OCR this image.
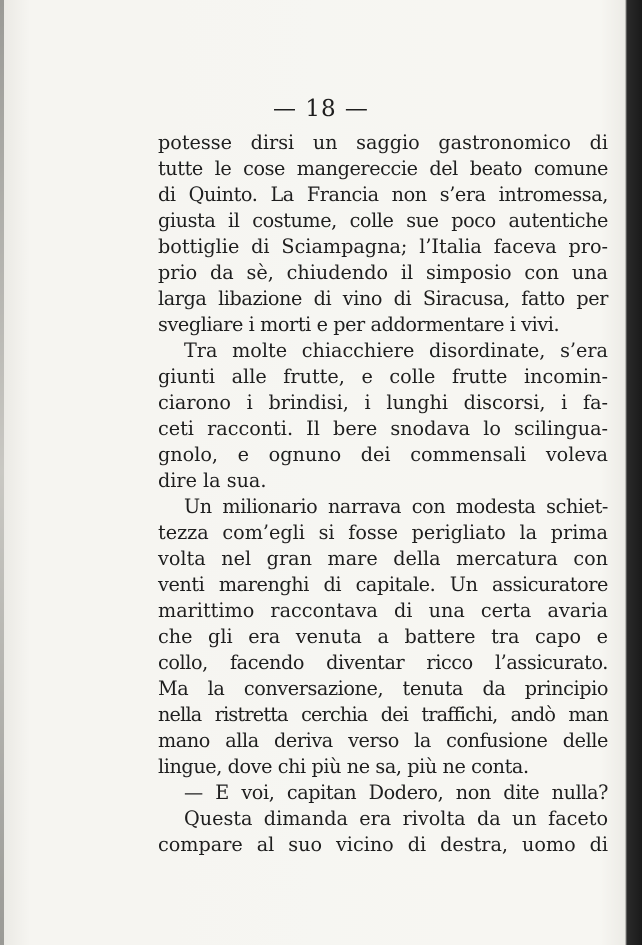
— 18 —
potesse dirsi un saggio gastronomico di
tutte le cose mangereccie del beato comune
di Quinto. La Francia non s’era intromessa,
giusta il costume, colle sue poco autentiche
bottiglie di Sciampagna; l’Italia faceva pro-
prio da sè, chiudendo il simposio con una
larga libazione di vino di Siracusa, fatto per
svegliare i morti e per addormentare i vivi.
Tra molte chiacchiere disordinate, s’era
giunti alle frutte, e colle frutte incomin-
ciarono i brindisi, i lunghi discorsi, i fa-
ceti racconti. Il bere snodava lo scilingua-
gnolo, e ognuno dei commensali voleva
dire la sua.
Un milionario narrava con modesta schiet-
tezza com’egli si fosse perigliato la prima
volta nel gran mare della mercatura con
venti marenghi di capitale. Un assicuratore
marittimo raccontava di una certa avaria
che gli era venuta a battere tra capo e
collo, facendo diventar ricco l’assicurato.
Ma la conversazione, tenuta da principio
nella ristretta cerchia dei traffichi, andò man
mano alla deriva verso la confusione delle
lingue, dove chi più ne sa, più ne conta.
— E voi, capitan Dodero, non dite nulla?
Questa dimanda era rivolta da un faceto
compare al suo vicino di destra, uomo di
